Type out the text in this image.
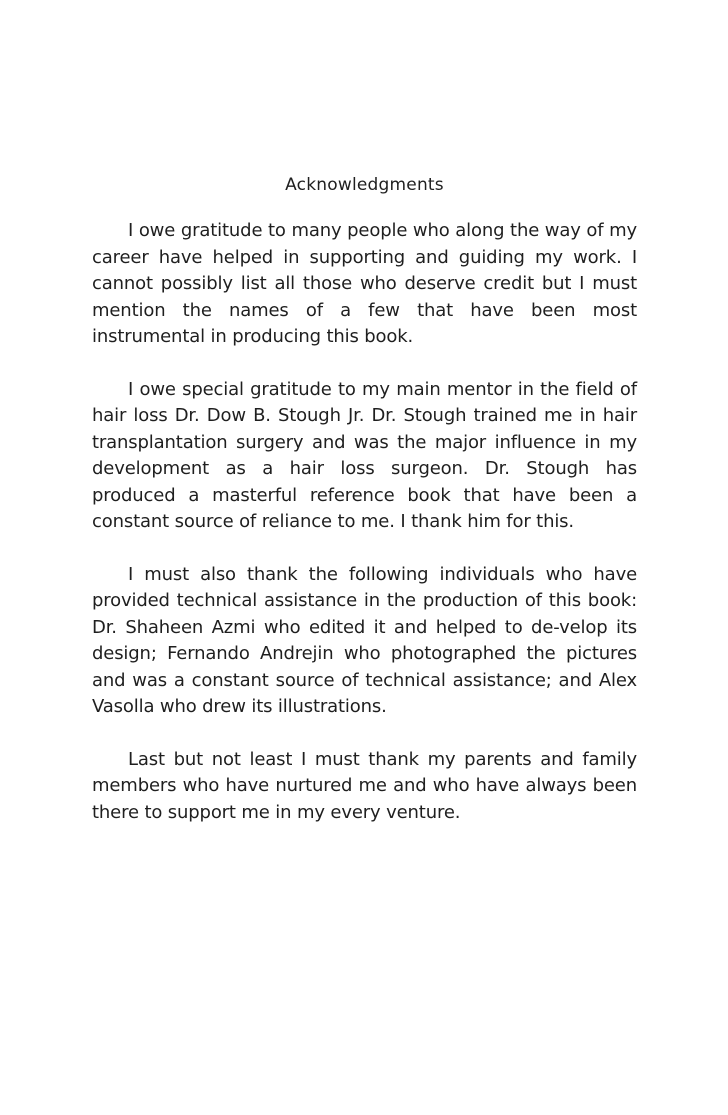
Acknowledgments

I owe gratitude to many people who along the way of my career have helped in supporting and guiding my work. I cannot possibly list all those who deserve credit but I must mention the names of a few that have been most instrumental in producing this book.

I owe special gratitude to my main mentor in the field of hair loss Dr. Dow B. Stough Jr. Dr. Stough trained me in hair transplantation surgery and was the major influence in my development as a hair loss surgeon. Dr. Stough has produced a masterful reference book that have been a constant source of reliance to me. I thank him for this.

I must also thank the following individuals who have provided technical assistance in the production of this book: Dr. Shaheen Azmi who edited it and helped to de-velop its design; Fernando Andrejin who photographed the pictures and was a constant source of technical assistance; and Alex Vasolla who drew its illustrations.

Last but not least I must thank my parents and family members who have nurtured me and who have always been there to support me in my every venture.
